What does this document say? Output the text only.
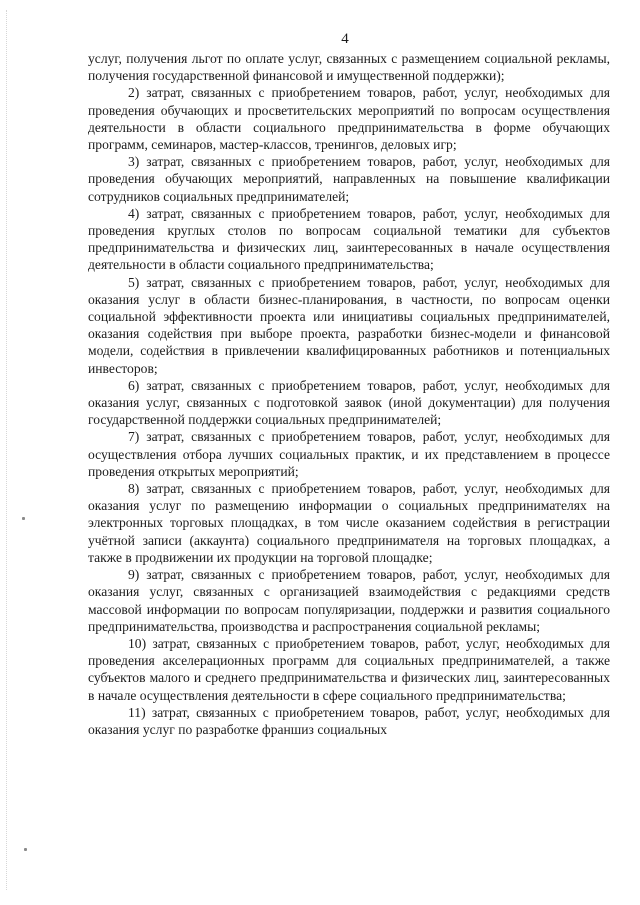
4

услуг, получения льгот по оплате услуг, связанных с размещением социальной рекламы, получения государственной финансовой и имущественной поддержки);

2) затрат, связанных с приобретением товаров, работ, услуг, необходимых для проведения обучающих и просветительских мероприятий по вопросам осуществления деятельности в области социального предпринимательства в форме обучающих программ, семинаров, мастер-классов, тренингов, деловых игр;

3) затрат, связанных с приобретением товаров, работ, услуг, необходимых для проведения обучающих мероприятий, направленных на повышение квалификации сотрудников социальных предпринимателей;

4) затрат, связанных с приобретением товаров, работ, услуг, необходимых для проведения круглых столов по вопросам социальной тематики для субъектов предпринимательства и физических лиц, заинтересованных в начале осуществления деятельности в области социального предпринимательства;

5) затрат, связанных с приобретением товаров, работ, услуг, необходимых для оказания услуг в области бизнес-планирования, в частности, по вопросам оценки социальной эффективности проекта или инициативы социальных предпринимателей, оказания содействия при выборе проекта, разработки бизнес-модели и финансовой модели, содействия в привлечении квалифицированных работников и потенциальных инвесторов;

6) затрат, связанных с приобретением товаров, работ, услуг, необходимых для оказания услуг, связанных с подготовкой заявок (иной документации) для получения государственной поддержки социальных предпринимателей;

7) затрат, связанных с приобретением товаров, работ, услуг, необходимых для осуществления отбора лучших социальных практик, и их представлением в процессе проведения открытых мероприятий;

8) затрат, связанных с приобретением товаров, работ, услуг, необходимых для оказания услуг по размещению информации о социальных предпринимателях на электронных торговых площадках, в том числе оказанием содействия в регистрации учётной записи (аккаунта) социального предпринимателя на торговых площадках, а также в продвижении их продукции на торговой площадке;

9) затрат, связанных с приобретением товаров, работ, услуг, необходимых для оказания услуг, связанных с организацией взаимодействия с редакциями средств массовой информации по вопросам популяризации, поддержки и развития социального предпринимательства, производства и распространения социальной рекламы;

10) затрат, связанных с приобретением товаров, работ, услуг, необходимых для проведения акселерационных программ для социальных предпринимателей, а также субъектов малого и среднего предпринимательства и физических лиц, заинтересованных в начале осуществления деятельности в сфере социального предпринимательства;

11) затрат, связанных с приобретением товаров, работ, услуг, необходимых для оказания услуг по разработке франшиз социальных
